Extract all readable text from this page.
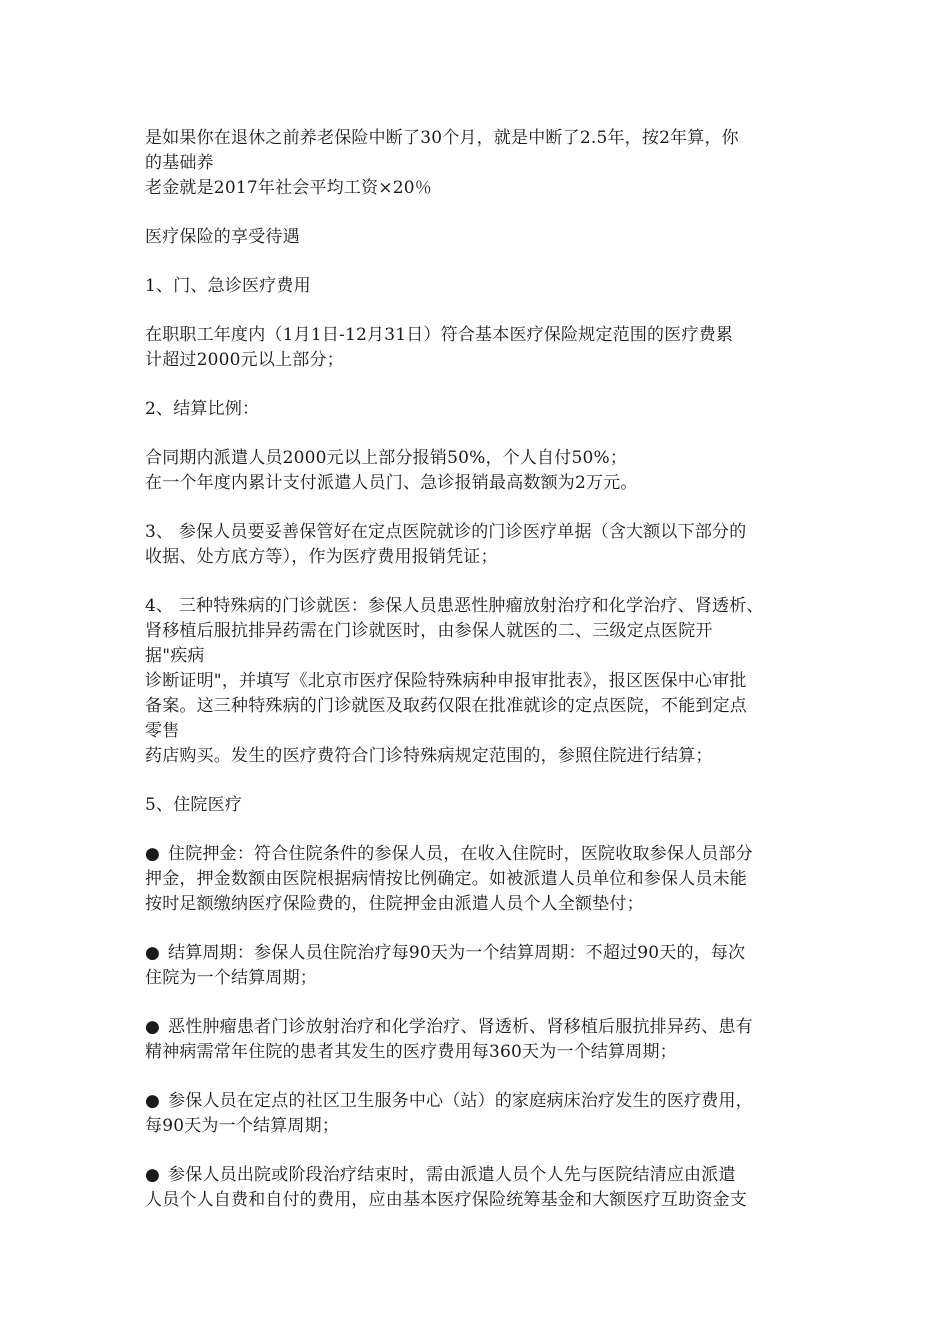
是如果你在退休之前养老保险中断了30个月，就是中断了2.5年，按2年算，你
的基础养
老金就是2017年社会平均工资×20％
医疗保险的享受待遇
1、门、急诊医疗费用
在职职工年度内（1月1日-12月31日）符合基本医疗保险规定范围的医疗费累
计超过2000元以上部分；
2、结算比例：
合同期内派遣人员2000元以上部分报销50%，个人自付50%；
在一个年度内累计支付派遣人员门、急诊报销最高数额为2万元。
3、 参保人员要妥善保管好在定点医院就诊的门诊医疗单据（含大额以下部分的
收据、处方底方等），作为医疗费用报销凭证；
4、 三种特殊病的门诊就医：参保人员患恶性肿瘤放射治疗和化学治疗、肾透析、
肾移植后服抗排异药需在门诊就医时，由参保人就医的二、三级定点医院开
据"疾病
诊断证明"，并填写《北京市医疗保险特殊病种申报审批表》，报区医保中心审批
备案。这三种特殊病的门诊就医及取药仅限在批准就诊的定点医院，不能到定点
零售
药店购买。发生的医疗费符合门诊特殊病规定范围的，参照住院进行结算；
5、住院医疗
● 住院押金：符合住院条件的参保人员，在收入住院时，医院收取参保人员部分
押金，押金数额由医院根据病情按比例确定。如被派遣人员单位和参保人员未能
按时足额缴纳医疗保险费的，住院押金由派遣人员个人全额垫付；
● 结算周期：参保人员住院治疗每90天为一个结算周期：不超过90天的，每次
住院为一个结算周期；
● 恶性肿瘤患者门诊放射治疗和化学治疗、肾透析、肾移植后服抗排异药、患有
精神病需常年住院的患者其发生的医疗费用每360天为一个结算周期；
● 参保人员在定点的社区卫生服务中心（站）的家庭病床治疗发生的医疗费用，
每90天为一个结算周期；
● 参保人员出院或阶段治疗结束时，需由派遣人员个人先与医院结清应由派遣
人员个人自费和自付的费用，应由基本医疗保险统筹基金和大额医疗互助资金支
